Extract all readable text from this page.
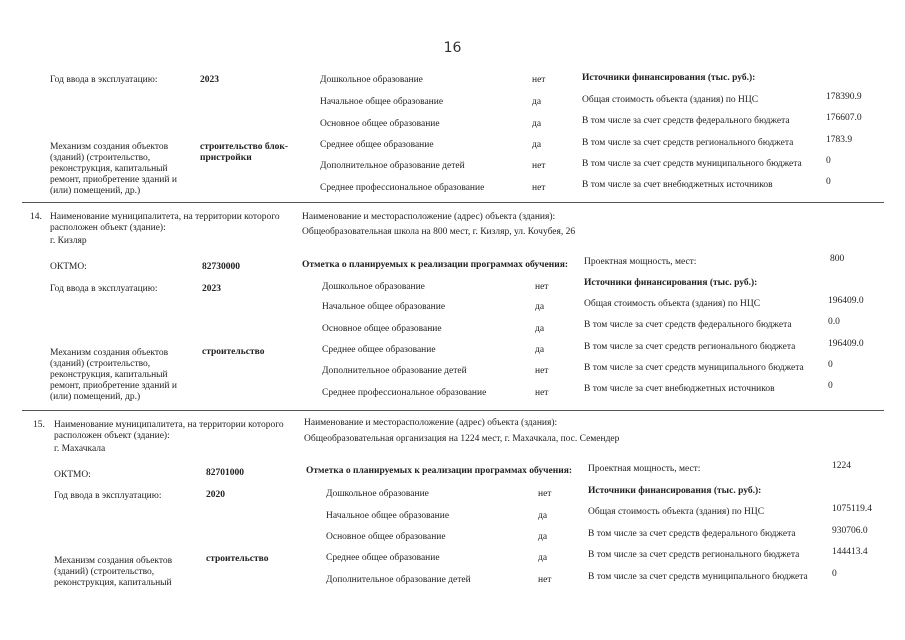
16
Год ввода в эксплуатацию:	2023
Механизм создания объектов (зданий) (строительство, реконструкция, капитальный ремонт, приобретение зданий и (или) помещений, др.)
строительство блок-пристройки
Дошкольное образование	нет
Начальное общее образование	да
Основное общее образование	да
Среднее общее образование	да
Дополнительное образование детей	нет
Среднее профессиональное образование	нет
Источники финансирования (тыс. руб.):
Общая стоимость объекта (здания) по НЦС	178390.9
В том числе за счет средств федерального бюджета	176607.0
В том числе за счет средств регионального бюджета	1783.9
В том числе за счет средств муниципального бюджета	0
В том числе за счет внебюджетных источников	0
14. Наименование муниципалитета, на территории которого расположен объект (здание):
г. Кизляр
Наименование и месторасположение (адрес) объекта (здания):
Общеобразовательная школа на 800 мест, г. Кизляр, ул. Кочубея, 26
ОКТМО:	82730000	Отметка о планируемых к реализации программах обучения: Проектная мощность, мест:	800
Год ввода в эксплуатацию:	2023
Механизм создания объектов (зданий) (строительство, реконструкция, капитальный ремонт, приобретение зданий и (или) помещений, др.)
строительство
Дошкольное образование	нет
Начальное общее образование	да
Основное общее образование	да
Среднее общее образование	да
Дополнительное образование детей	нет
Среднее профессиональное образование	нет
Источники финансирования (тыс. руб.):
Общая стоимость объекта (здания) по НЦС	196409.0
В том числе за счет средств федерального бюджета	0.0
В том числе за счет средств регионального бюджета	196409.0
В том числе за счет средств муниципального бюджета	0
В том числе за счет внебюджетных источников	0
15. Наименование муниципалитета, на территории которого расположен объект (здание):
г. Махачкала
Наименование и месторасположение (адрес) объекта (здания):
Общеобразовательная организация на 1224 мест, г. Махачкала, пос. Семендер
ОКТМО:	82701000	Отметка о планируемых к реализации программах обучения: Проектная мощность, мест:	1224
Год ввода в эксплуатацию:	2020
Механизм создания объектов (зданий) (строительство, реконструкция, капитальный
строительство
Дошкольное образование	нет
Начальное общее образование	да
Основное общее образование	да
Среднее общее образование	да
Дополнительное образование детей	нет
Источники финансирования (тыс. руб.):
Общая стоимость объекта (здания) по НЦС	1075119.4
В том числе за счет средств федерального бюджета	930706.0
В том числе за счет средств регионального бюджета	144413.4
В том числе за счет средств муниципального бюджета	0
